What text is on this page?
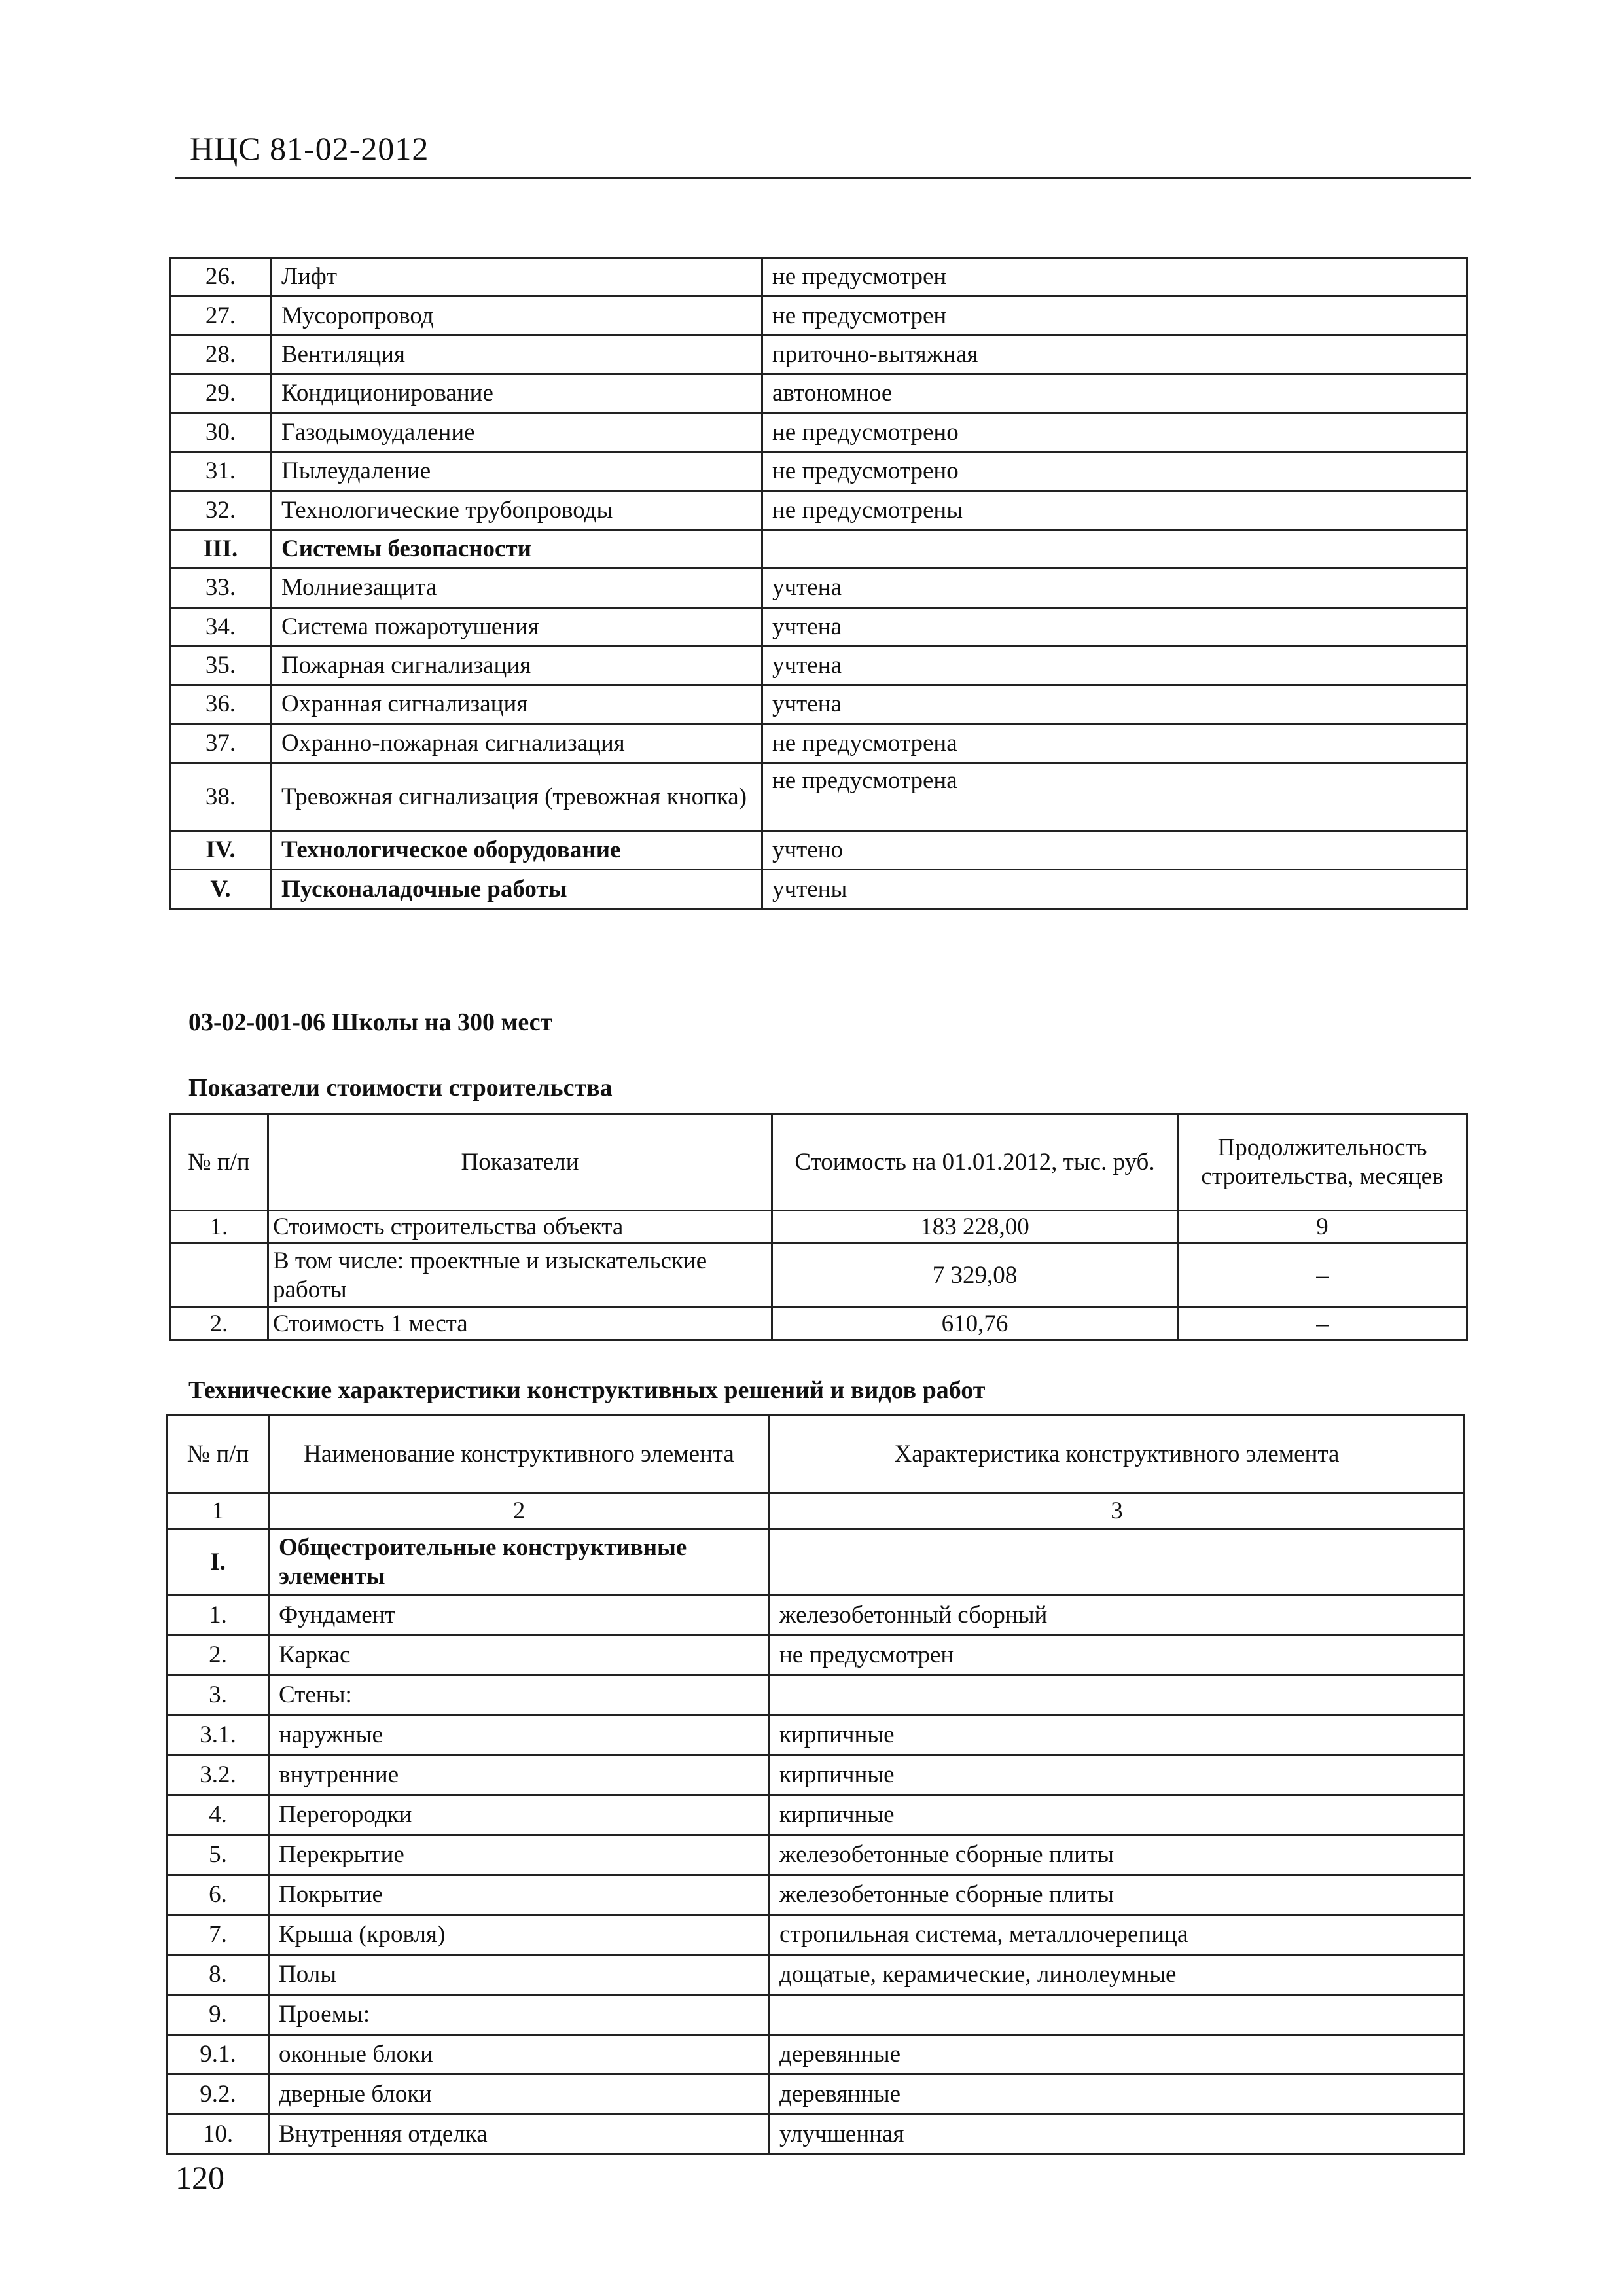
НЦС 81-02-2012
26.	Лифт	не предусмотрен
27.	Мусоропровод	не предусмотрен
28.	Вентиляция	приточно-вытяжная
29.	Кондиционирование	автономное
30.	Газодымоудаление	не предусмотрено
31.	Пылеудаление	не предусмотрено
32.	Технологические трубопроводы	не предусмотрены
III.	Системы безопасности	
33.	Молниезащита	учтена
34.	Система пожаротушения	учтена
35.	Пожарная сигнализация	учтена
36.	Охранная сигнализация	учтена
37.	Охранно-пожарная сигнализация	не предусмотрена
38.	Тревожная сигнализация (тревожная кнопка)	не предусмотрена
IV.	Технологическое оборудование	учтено
V.	Пусконаладочные работы	учтены
03-02-001-06 Школы на 300 мест
Показатели стоимости строительства
№ п/п	Показатели	Стоимость на 01.01.2012, тыс. руб.	Продолжительность строительства, месяцев
1.	Стоимость строительства объекта	183 228,00	9
	В том числе: проектные и изыскательские работы	7 329,08	–
2.	Стоимость 1 места	610,76	–
Технические характеристики конструктивных решений и видов работ
№ п/п	Наименование конструктивного элемента	Характеристика конструктивного элемента
1	2	3
I.	Общестроительные конструктивные элементы	
1.	Фундамент	железобетонный сборный
2.	Каркас	не предусмотрен
3.	Стены:	
3.1.	наружные	кирпичные
3.2.	внутренние	кирпичные
4.	Перегородки	кирпичные
5.	Перекрытие	железобетонные сборные плиты
6.	Покрытие	железобетонные сборные плиты
7.	Крыша (кровля)	стропильная система, металлочерепица
8.	Полы	дощатые, керамические, линолеумные
9.	Проемы:	
9.1.	оконные блоки	деревянные
9.2.	дверные блоки	деревянные
10.	Внутренняя отделка	улучшенная
120
